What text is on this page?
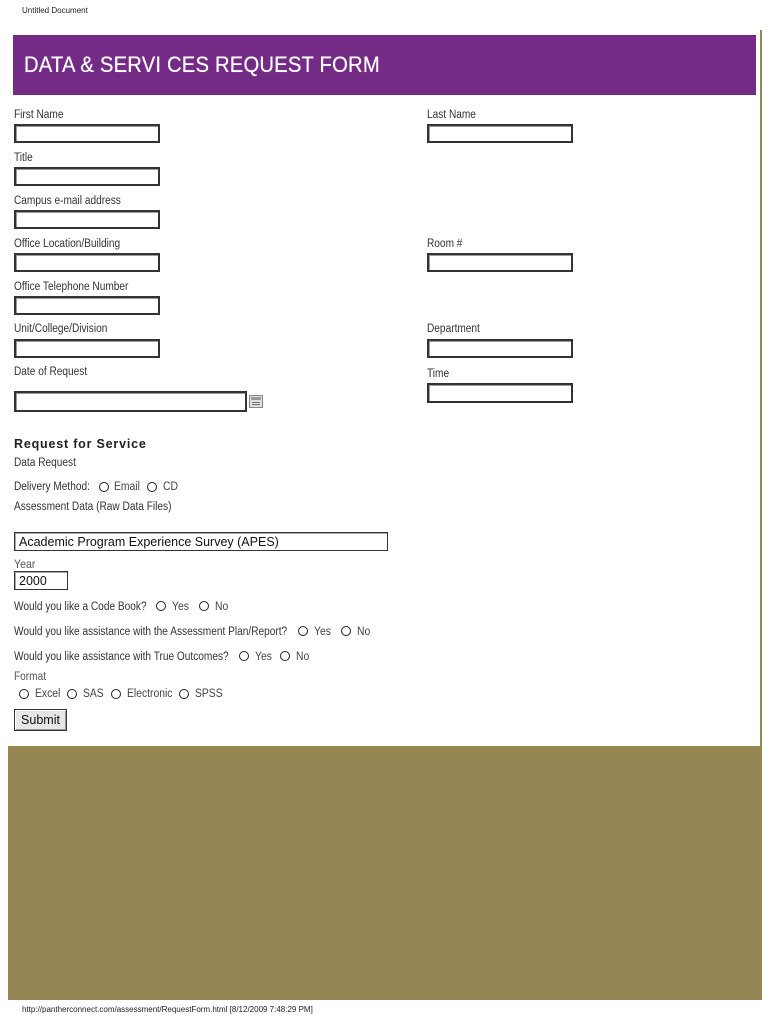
Untitled Document
DATA & SERVI CES REQUEST FORM
First Name	Last Name
Title
Campus e-mail address
Office Location/Building	Room #
Office Telephone Number
Unit/College/Division	Department
Date of Request	Time
Request for Service
Data Request
Delivery Method: Email CD
Assessment Data (Raw Data Files)
Academic Program Experience Survey (APES)
Year
2000
Would you like a Code Book? Yes No
Would you like assistance with the Assessment Plan/Report? Yes No
Would you like assistance with True Outcomes? Yes No
Format
Excel SAS Electronic SPSS
Submit
http://pantherconnect.com/assessment/RequestForm.html [8/12/2009 7:48:29 PM]
